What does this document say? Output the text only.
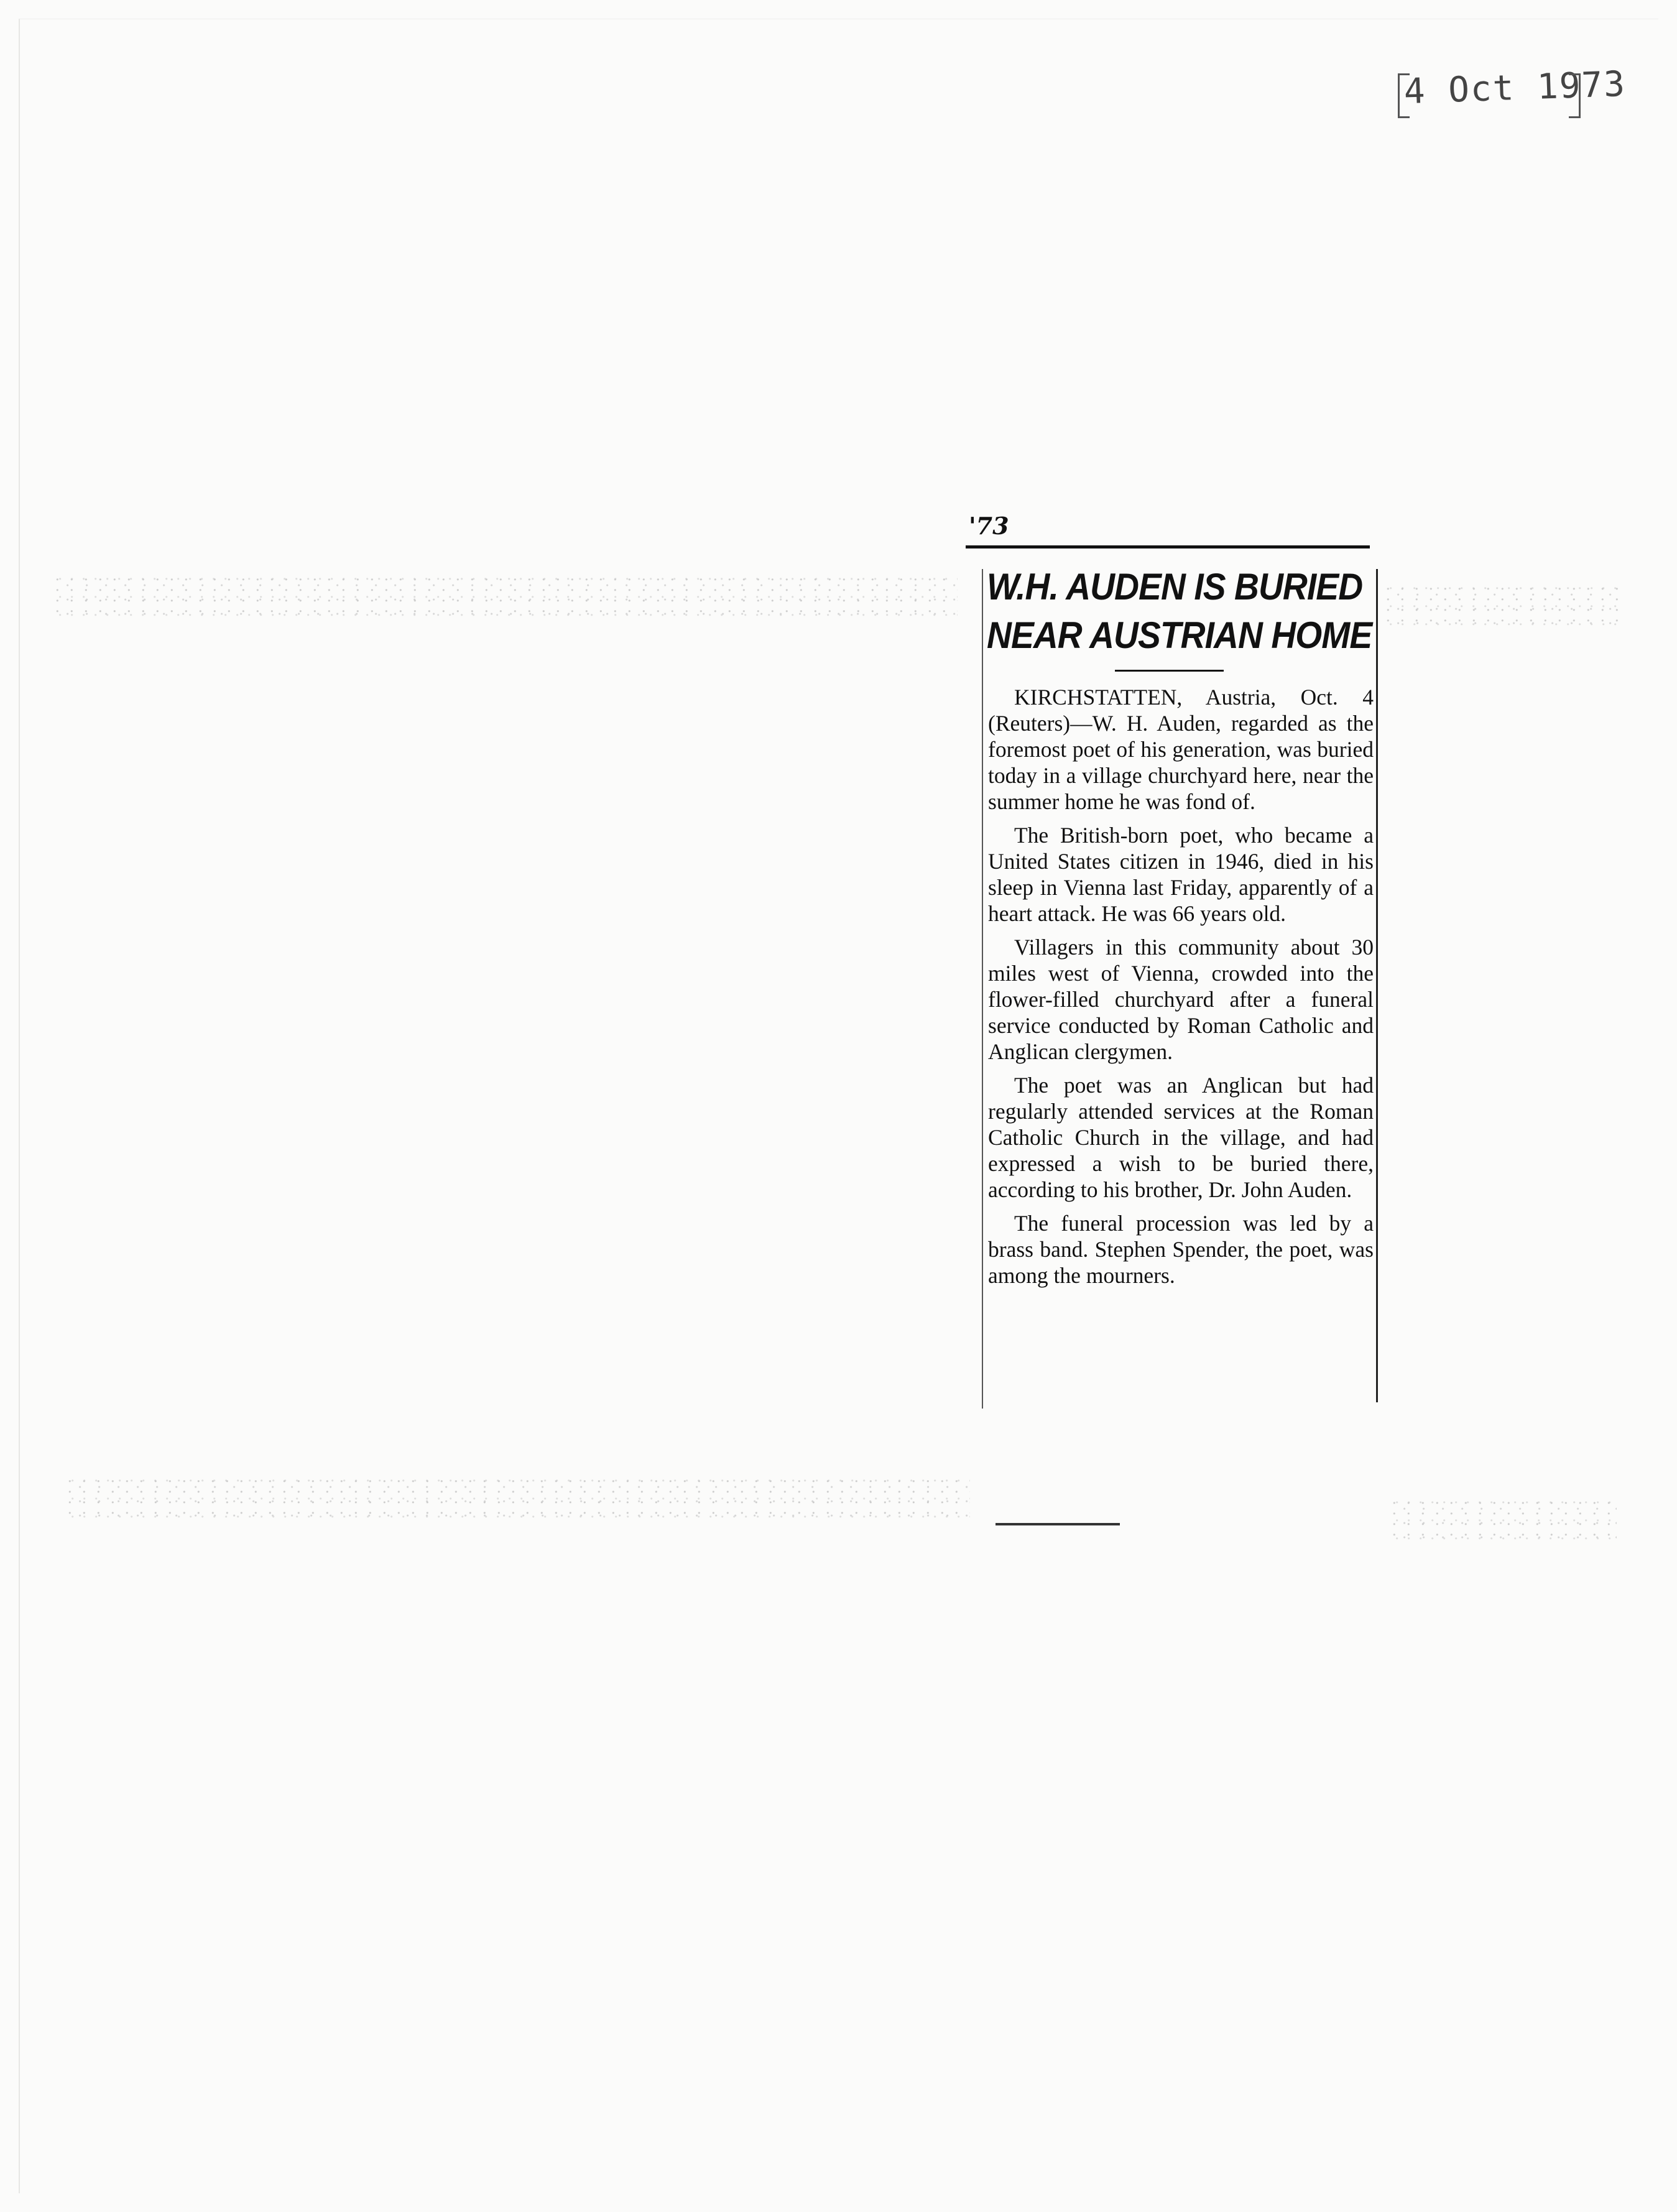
4 Oct 1973
'73
W.H. AUDEN IS BURIED
NEAR AUSTRIAN HOME

KIRCHSTATTEN, Austria, Oct. 4 (Reuters)—W. H. Auden, regarded as the foremost poet of his generation, was buried today in a village churchyard here, near the summer home he was fond of.

The British-born poet, who became a United States citizen in 1946, died in his sleep in Vienna last Friday, apparently of a heart attack. He was 66 years old.

Villagers in this community about 30 miles west of Vienna, crowded into the flower-filled churchyard after a funeral service conducted by Roman Catholic and Anglican clergymen.

The poet was an Anglican but had regularly attended services at the Roman Catholic Church in the village, and had expressed a wish to be buried there, according to his brother, Dr. John Auden.

The funeral procession was led by a brass band. Stephen Spender, the poet, was among the mourners.
